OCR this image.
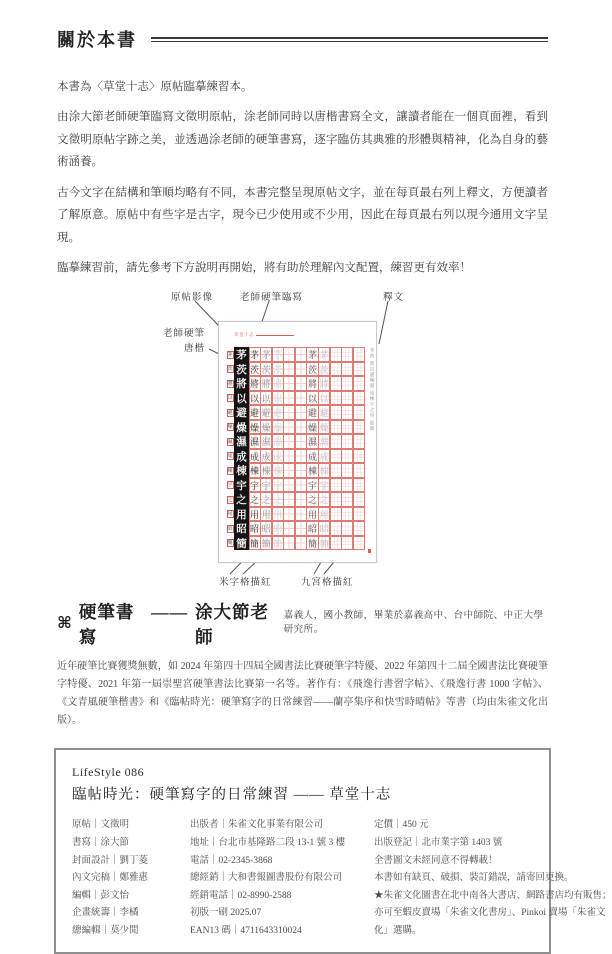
關於本書

本書為〈草堂十志〉原帖臨摹練習本。

由涂大節老師硬筆臨寫文徵明原帖，涂老師同時以唐楷書寫全文，讓讀者能在一個頁面裡，看到文徵明原帖字跡之美，並透過涂老師的硬筆書寫，逐字臨仿其典雅的形體與精神，化為自身的藝術涵養。

古今文字在結構和筆順均略有不同，本書完整呈現原帖文字，並在每頁最右列上釋文，方便讀者了解原意。原帖中有些字是古字，現今已少使用或不少用，因此在每頁最右列以現今通用文字呈現。

臨摹練習前，請先參考下方說明再開始，將有助於理解內文配置，練習更有效率！

原帖影像	老師硬筆臨寫	釋文
老師硬筆
唐楷
米字格描紅	九宮格描紅
草堂十志
茅 茅 茅 茅 茅	茅 茅
茨 茨 茨 茨 茨	茨 茨
將 將 將 將 將	將 將
以 以 以 以 以	以 以
避 避 避 避 避	避 避
燥 燥 燥 燥 燥	燥 燥
濕 濕 濕 濕 濕	濕 濕
成 成 成 成 成	成 成
棟 棟 棟 棟 棟	棟 棟
宇 宇 宇 宇 宇	宇 宇
之 之 之 之 之	之 之
用 用 用 用 用	用 用
昭 昭 昭 昭 昭	昭 昭
簡 簡 簡 簡 簡	簡 簡
茅茨 將以避燥濕 成棟宇之用 昭簡
⌘
硬筆書寫
—— 涂大節老師
嘉義人，國小教師，畢業於嘉義高中、台中師院、中正大學研究所。

近年硬筆比賽獲獎無數，如 2024 年第四十四屆全國書法比賽硬筆字特優、2022 年第四十二屆全國書法比賽硬筆字特優、2021 年第一屆崇聖宮硬筆書法比賽第一名等。著作有：《飛逸行書習字帖》、《飛逸行書 1000 字帖》、《文青風硬筆楷書》和《臨帖時光：硬筆寫字的日常練習——蘭亭集序和快雪時晴帖》等書（均由朱雀文化出版）。

LifeStyle 086
臨帖時光：硬筆寫字的日常練習 —— 草堂十志
原帖｜文徵明
書寫｜涂大節
封面設計｜劉丁菱
內文完稿｜鄭雅惠
編輯｜彭文怡
企畫統籌｜李橘
總編輯｜莫少閒
出版者｜朱雀文化事業有限公司
地址｜台北市基隆路二段 13-1 號 3 樓
電話｜02-2345-3868
總經銷｜大和書報圖書股份有限公司
經銷電話｜02-8990-2588
初版一刷 2025.07
EAN13 碼｜4711643310024
定價｜450 元
出版登記｜北市業字第 1403 號
全書圖文未經同意不得轉載！
本書如有缺頁、破損、裝訂錯誤，請寄回更換。
★朱雀文化圖書在北中南各大書店、網路書店均有販售；
亦可至蝦皮賣場「朱雀文化書房」、Pinkoi 賣場「朱雀文
化」選購。
